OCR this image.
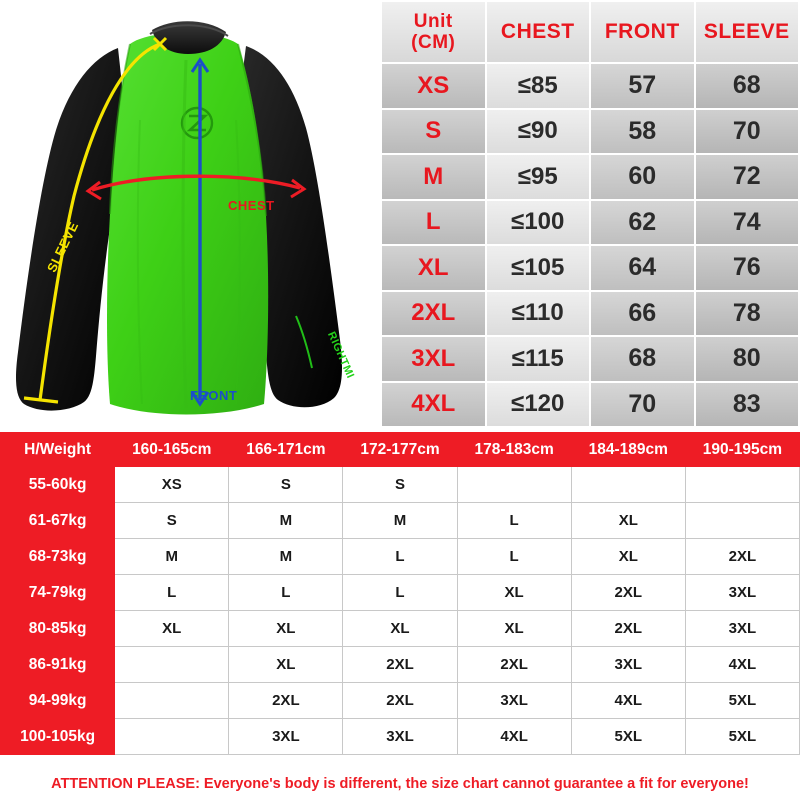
CHEST
FRONT
SLEEVE
RIGHTMI
Unit
(CM)	CHEST	FRONT	SLEEVE
XS	≤85	57	68
S	≤90	58	70
M	≤95	60	72
L	≤100	62	74
XL	≤105	64	76
2XL	≤110	66	78
3XL	≤115	68	80
4XL	≤120	70	83
H/Weight	160-165cm	166-171cm	172-177cm	178-183cm	184-189cm	190-195cm
55-60kg	XS	S	S			
61-67kg	S	M	M	L	XL	
68-73kg	M	M	L	L	XL	2XL
74-79kg	L	L	L	XL	2XL	3XL
80-85kg	XL	XL	XL	XL	2XL	3XL
86-91kg		XL	2XL	2XL	3XL	4XL
94-99kg		2XL	2XL	3XL	4XL	5XL
100-105kg		3XL	3XL	4XL	5XL	5XL
ATTENTION PLEASE: Everyone's body is different, the size chart cannot guarantee a fit for everyone!
